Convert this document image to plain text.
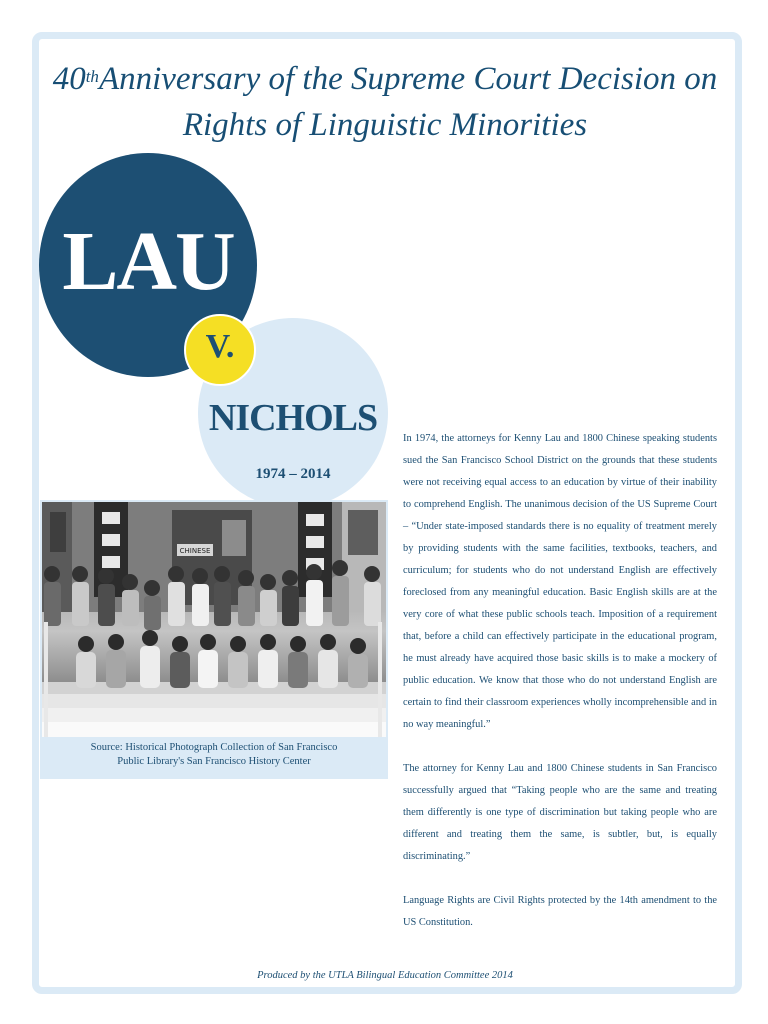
40thAnniversary of the Supreme Court Decision on
Rights of Linguistic Minorities
LAU
V.
NICHOLS
1974 – 2014
CHINESE
Source: Historical Photograph Collection of San Francisco
Public Library's San Francisco History Center

In 1974, the attorneys for Kenny Lau and 1800 Chinese speaking students sued the San Francisco School District on the grounds that these students were not receiving equal access to an education by virtue of their inability to comprehend English. The unanimous decision of the US Supreme Court – “Under state-imposed standards there is no equality of treatment merely by providing students with the same facilities, textbooks, teachers, and curriculum; for students who do not understand English are effectively foreclosed from any meaningful education. Basic English skills are at the very core of what these public schools teach. Imposition of a requirement that, before a child can effectively participate in the educational program, he must already have acquired those basic skills is to make a mockery of public education. We know that those who do not understand English are certain to find their classroom experiences wholly incomprehensible and in no way meaningful.”

The attorney for Kenny Lau and 1800 Chinese students in San Francisco successfully argued that “Taking people who are the same and treating them differently is one type of discrimination but taking people who are different and treating them the same, is subtler, but, is equally discriminating.”

Language Rights are Civil Rights protected by the 14th amendment to the US Constitution.

Produced by the UTLA Bilingual Education Committee 2014
